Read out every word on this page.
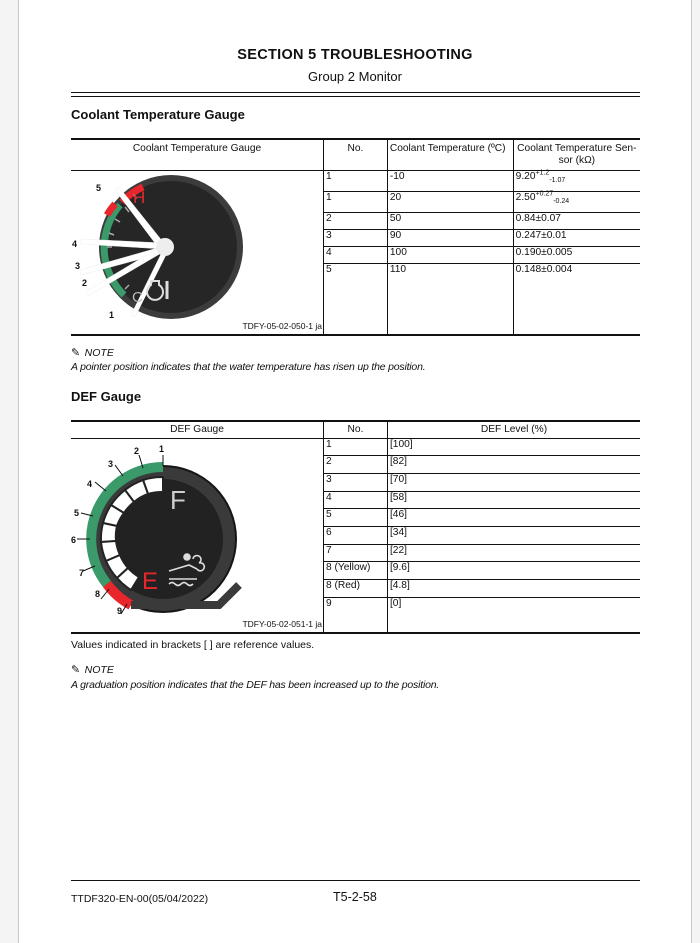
SECTION 5 TROUBLESHOOTING
Group 2 Monitor
Coolant Temperature Gauge
Coolant Temperature Gauge	No.	Coolant Temperature (ºC)	Coolant Temperature Sen-sor (kΩ)

H
C
5
4
3
2
1
TDFY-05-02-050-1 ja
	1	-10	$9.20^{+1.2}_{-1.07}$
	1	20	$2.50^{+0.27}_{-0.24}$
	2	50	0.84±0.07
	3	90	0.247±0.01
	4	100	0.190±0.005
	5	110	0.148±0.004
✎ NOTE
A pointer position indicates that the water temperature has risen up the position.
DEF Gauge
DEF Gauge	No.	DEF Level (%)

F
E
1
2
3
4
5
6
7
8
9
TDFY-05-02-051-1 ja
	1	[100]
	2	[82]
	3	[70]
	4	[58]
	5	[46]
	6	[34]
	7	[22]
	8 (Yellow)	[9.6]
	8 (Red)	[4.8]
	9	[0]
Values indicated in brackets [ ] are reference values.
✎ NOTE
A graduation position indicates that the DEF has been increased up to the position.
TTDF320-EN-00(05/04/2022)	T5-2-58
